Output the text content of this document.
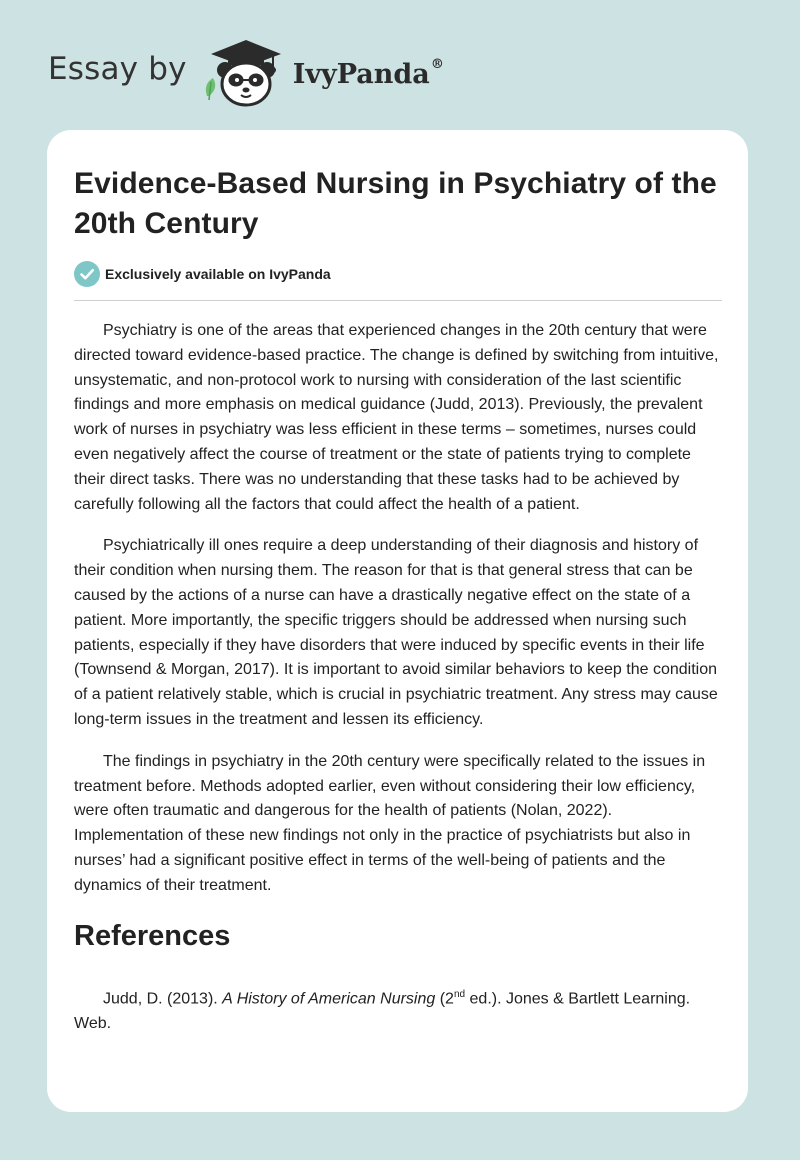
Essay by	IvyPanda®
Evidence-Based Nursing in Psychiatry of the 20th Century
Exclusively available on IvyPanda

Psychiatry is one of the areas that experienced changes in the 20th century that were directed toward evidence-based practice. The change is defined by switching from intuitive, unsystematic, and non-protocol work to nursing with consideration of the last scientific findings and more emphasis on medical guidance (Judd, 2013). Previously, the prevalent work of nurses in psychiatry was less efficient in these terms – sometimes, nurses could even negatively affect the course of treatment or the state of patients trying to complete their direct tasks. There was no understanding that these tasks had to be achieved by carefully following all the factors that could affect the health of a patient.

Psychiatrically ill ones require a deep understanding of their diagnosis and history of their condition when nursing them. The reason for that is that general stress that can be caused by the actions of a nurse can have a drastically negative effect on the state of a patient. More importantly, the specific triggers should be addressed when nursing such patients, especially if they have disorders that were induced by specific events in their life (Townsend & Morgan, 2017). It is important to avoid similar behaviors to keep the condition of a patient relatively stable, which is crucial in psychiatric treatment. Any stress may cause long-term issues in the treatment and lessen its efficiency.

The findings in psychiatry in the 20th century were specifically related to the issues in treatment before. Methods adopted earlier, even without considering their low efficiency, were often traumatic and dangerous for the health of patients (Nolan, 2022). Implementation of these new findings not only in the practice of psychiatrists but also in nurses’ had a significant positive effect in terms of the well-being of patients and the dynamics of their treatment.

References

Judd, D. (2013). A History of American Nursing (2nd ed.). Jones & Bartlett Learning. Web.
